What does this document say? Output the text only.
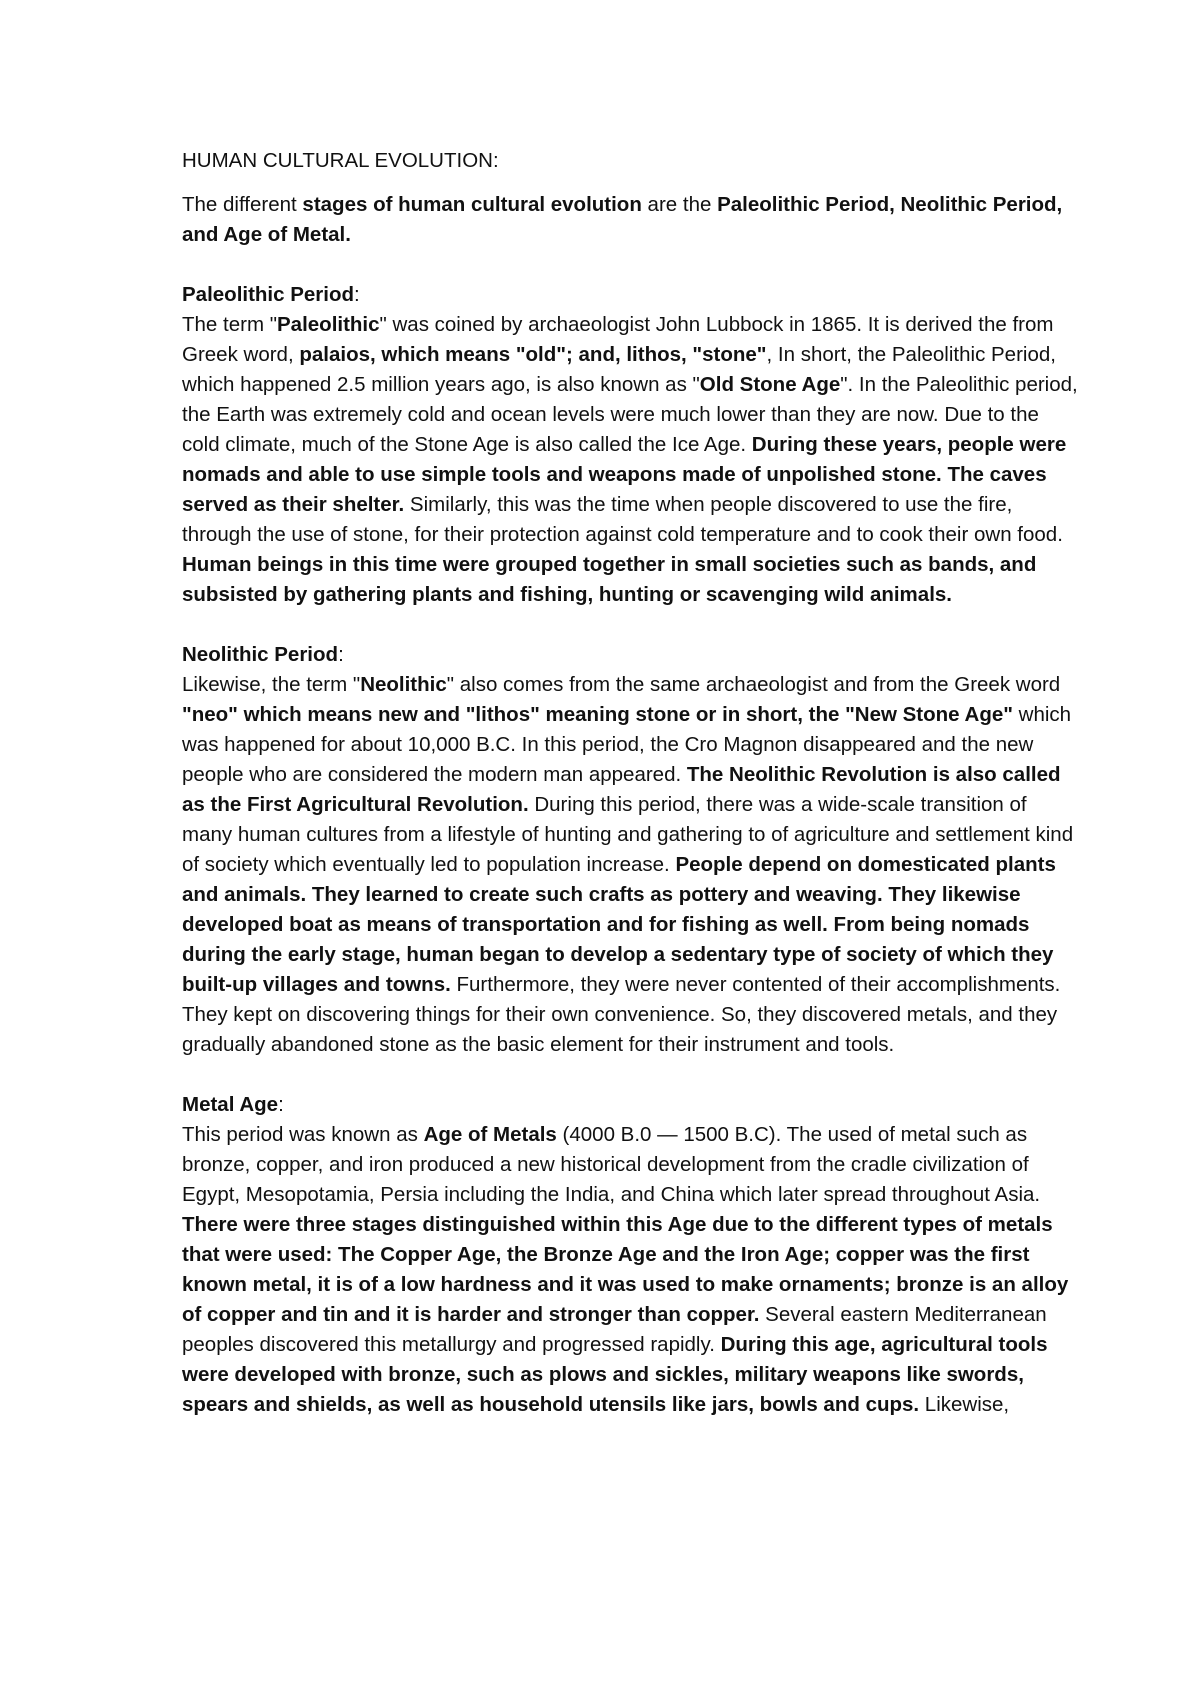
HUMAN CULTURAL EVOLUTION:

The different stages of human cultural evolution are the Paleolithic Period, Neolithic Period, and Age of Metal.

Paleolithic Period:

The term "Paleolithic" was coined by archaeologist John Lubbock in 1865. It is derived the from Greek word, palaios, which means "old"; and, lithos, "stone", In short, the Paleolithic Period, which happened 2.5 million years ago, is also known as "Old Stone Age". In the Paleolithic period, the Earth was extremely cold and ocean levels were much lower than they are now. Due to the cold climate, much of the Stone Age is also called the Ice Age. During these years, people were nomads and able to use simple tools and weapons made of unpolished stone. The caves served as their shelter. Similarly, this was the time when people discovered to use the fire, through the use of stone, for their protection against cold temperature and to cook their own food. Human beings in this time were grouped together in small societies such as bands, and subsisted by gathering plants and fishing, hunting or scavenging wild animals.

Neolithic Period:

Likewise, the term "Neolithic" also comes from the same archaeologist and from the Greek word "neo" which means new and "lithos" meaning stone or in short, the "New Stone Age" which was happened for about 10,000 B.C. In this period, the Cro Magnon disappeared and the new people who are considered the modern man appeared. The Neolithic Revolution is also called as the First Agricultural Revolution. During this period, there was a wide-scale transition of many human cultures from a lifestyle of hunting and gathering to of agriculture and settlement kind of society which eventually led to population increase. People depend on domesticated plants and animals. They learned to create such crafts as pottery and weaving. They likewise developed boat as means of transportation and for fishing as well. From being nomads during the early stage, human began to develop a sedentary type of society of which they built-up villages and towns. Furthermore, they were never contented of their accomplishments. They kept on discovering things for their own convenience. So, they discovered metals, and they gradually abandoned stone as the basic element for their instrument and tools.

Metal Age:

This period was known as Age of Metals (4000 B.0 — 1500 B.C). The used of metal such as bronze, copper, and iron produced a new historical development from the cradle civilization of Egypt, Mesopotamia, Persia including the India, and China which later spread throughout Asia. There were three stages distinguished within this Age due to the different types of metals that were used: The Copper Age, the Bronze Age and the Iron Age; copper was the first known metal, it is of a low hardness and it was used to make ornaments; bronze is an alloy of copper and tin and it is harder and stronger than copper. Several eastern Mediterranean peoples discovered this metallurgy and progressed rapidly. During this age, agricultural tools were developed with bronze, such as plows and sickles, military weapons like swords, spears and shields, as well as household utensils like jars, bowls and cups. Likewise,
